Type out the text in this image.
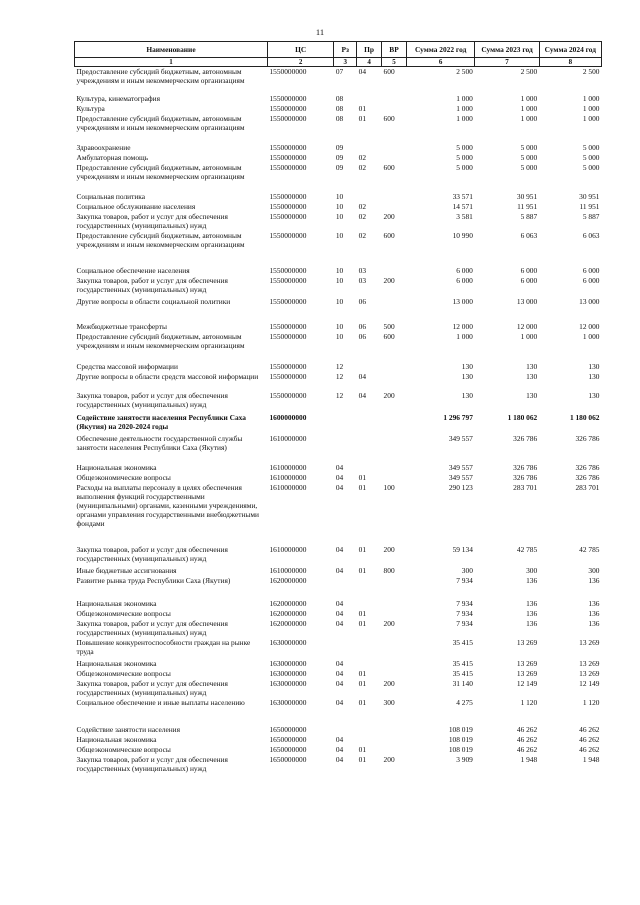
11
Наименование	ЦС	Рз	Пр	ВР	Сумма 2022 год	Сумма 2023 год	Сумма 2024 год
1	2	3	4	5	6	7	8
Предоставление субсидий бюджетным, автономным учреждениям и иным некоммерческим организациям	1550000000	07	04	600	2 500	2 500	2 500
Культура, кинематография	1550000000	08			1 000	1 000	1 000
Культура	1550000000	08	01		1 000	1 000	1 000
Предоставление субсидий бюджетным, автономным учреждениям и иным некоммерческим организациям	1550000000	08	01	600	1 000	1 000	1 000
Здравоохранение	1550000000	09			5 000	5 000	5 000
Амбулаторная помощь	1550000000	09	02		5 000	5 000	5 000
Предоставление субсидий бюджетным, автономным учреждениям и иным некоммерческим организациям	1550000000	09	02	600	5 000	5 000	5 000
Социальная политика	1550000000	10			33 571	30 951	30 951
Социальное обслуживание населения	1550000000	10	02		14 571	11 951	11 951
Закупка товаров, работ и услуг для обеспечения государственных (муниципальных) нужд	1550000000	10	02	200	3 581	5 887	5 887
Предоставление субсидий бюджетным, автономным учреждениям и иным некоммерческим организациям	1550000000	10	02	600	10 990	6 063	6 063
Социальное обеспечение населения	1550000000	10	03		6 000	6 000	6 000
Закупка товаров, работ и услуг для обеспечения государственных (муниципальных) нужд	1550000000	10	03	200	6 000	6 000	6 000
Другие вопросы в области социальной политики	1550000000	10	06		13 000	13 000	13 000
Межбюджетные трансферты	1550000000	10	06	500	12 000	12 000	12 000
Предоставление субсидий бюджетным, автономным учреждениям и иным некоммерческим организациям	1550000000	10	06	600	1 000	1 000	1 000
Средства массовой информации	1550000000	12			130	130	130
Другие вопросы в области средств массовой информации	1550000000	12	04		130	130	130
Закупка товаров, работ и услуг для обеспечения государственных (муниципальных) нужд	1550000000	12	04	200	130	130	130
Содействие занятости населения Республики Саха (Якутия) на 2020-2024 годы	1600000000				1 296 797	1 180 062	1 180 062
Обеспечение деятельности государственной службы занятости населения Республики Саха (Якутия)	1610000000				349 557	326 786	326 786
Национальная экономика	1610000000	04			349 557	326 786	326 786
Общеэкономические вопросы	1610000000	04	01		349 557	326 786	326 786
Расходы на выплаты персоналу в целях обеспечения выполнения функций государственными (муниципальными) органами, казенными учреждениями, органами управления государственными внебюджетными фондами	1610000000	04	01	100	290 123	283 701	283 701
Закупка товаров, работ и услуг для обеспечения государственных (муниципальных) нужд	1610000000	04	01	200	59 134	42 785	42 785
Иные бюджетные ассигнования	1610000000	04	01	800	300	300	300
Развитие рынка труда Республики Саха (Якутия)	1620000000				7 934	136	136
Национальная экономика	1620000000	04			7 934	136	136
Общеэкономические вопросы	1620000000	04	01		7 934	136	136
Закупка товаров, работ и услуг для обеспечения государственных (муниципальных) нужд	1620000000	04	01	200	7 934	136	136
Повышение конкурентоспособности граждан на рынке труда	1630000000				35 415	13 269	13 269
Национальная экономика	1630000000	04			35 415	13 269	13 269
Общеэкономические вопросы	1630000000	04	01		35 415	13 269	13 269
Закупка товаров, работ и услуг для обеспечения государственных (муниципальных) нужд	1630000000	04	01	200	31 140	12 149	12 149
Социальное обеспечение и иные выплаты населению	1630000000	04	01	300	4 275	1 120	1 120
Содействие занятости населения	1650000000				108 019	46 262	46 262
Национальная экономика	1650000000	04			108 019	46 262	46 262
Общеэкономические вопросы	1650000000	04	01		108 019	46 262	46 262
Закупка товаров, работ и услуг для обеспечения государственных (муниципальных) нужд	1650000000	04	01	200	3 909	1 948	1 948
